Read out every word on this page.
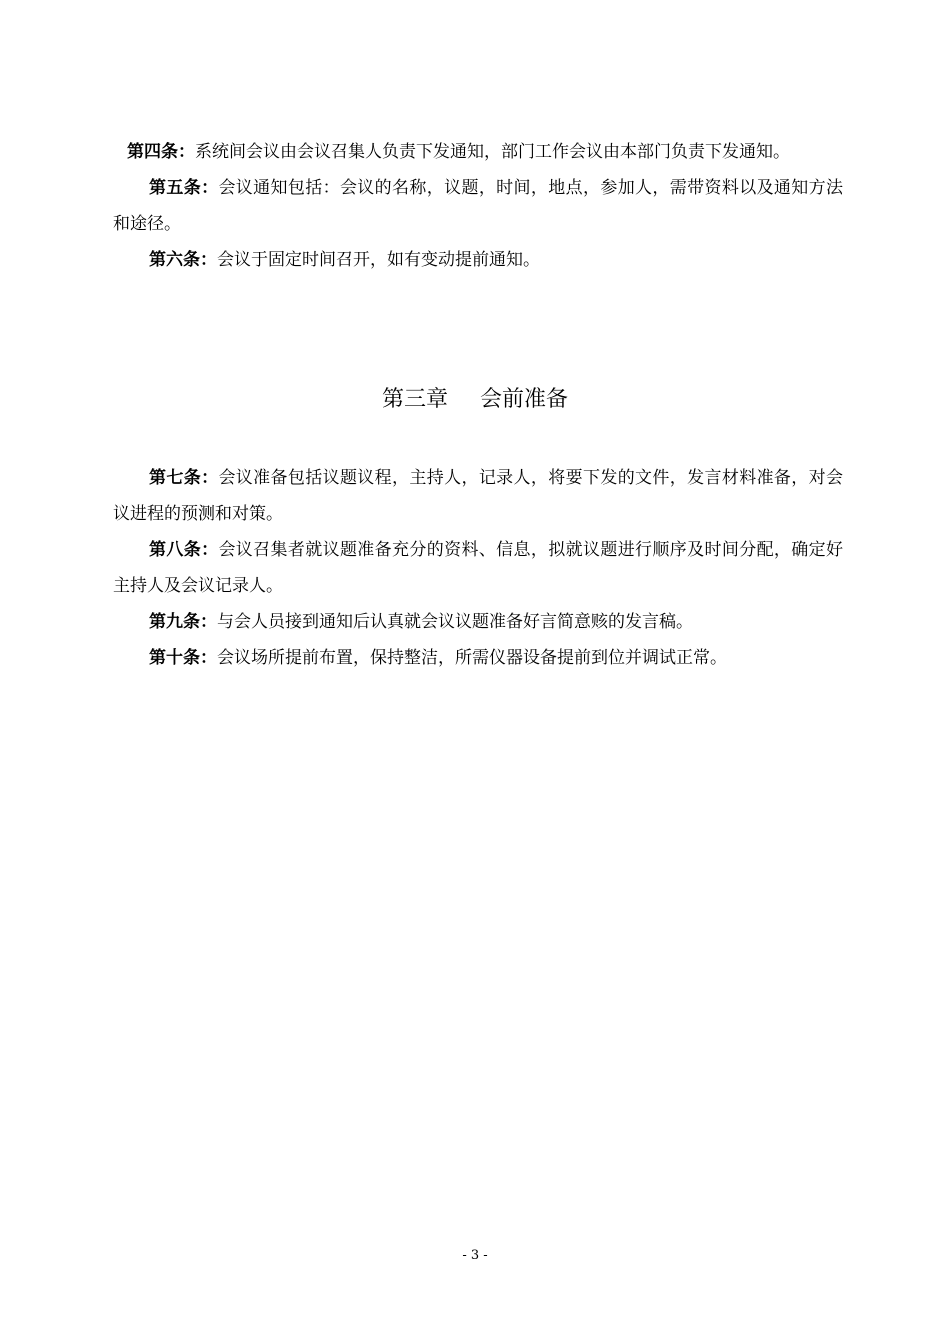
第四条：系统间会议由会议召集人负责下发通知，部门工作会议由本部门负责下发通知。

第五条：会议通知包括：会议的名称，议题，时间，地点，参加人，需带资料以及通知方法和途径。

第六条：会议于固定时间召开，如有变动提前通知。

第三章 会前准备

第七条：会议准备包括议题议程，主持人，记录人，将要下发的文件，发言材料准备，对会议进程的预测和对策。

第八条：会议召集者就议题准备充分的资料、信息，拟就议题进行顺序及时间分配，确定好主持人及会议记录人。

第九条：与会人员接到通知后认真就会议议题准备好言简意赅的发言稿。

第十条：会议场所提前布置，保持整洁，所需仪器设备提前到位并调试正常。

- 3 -
